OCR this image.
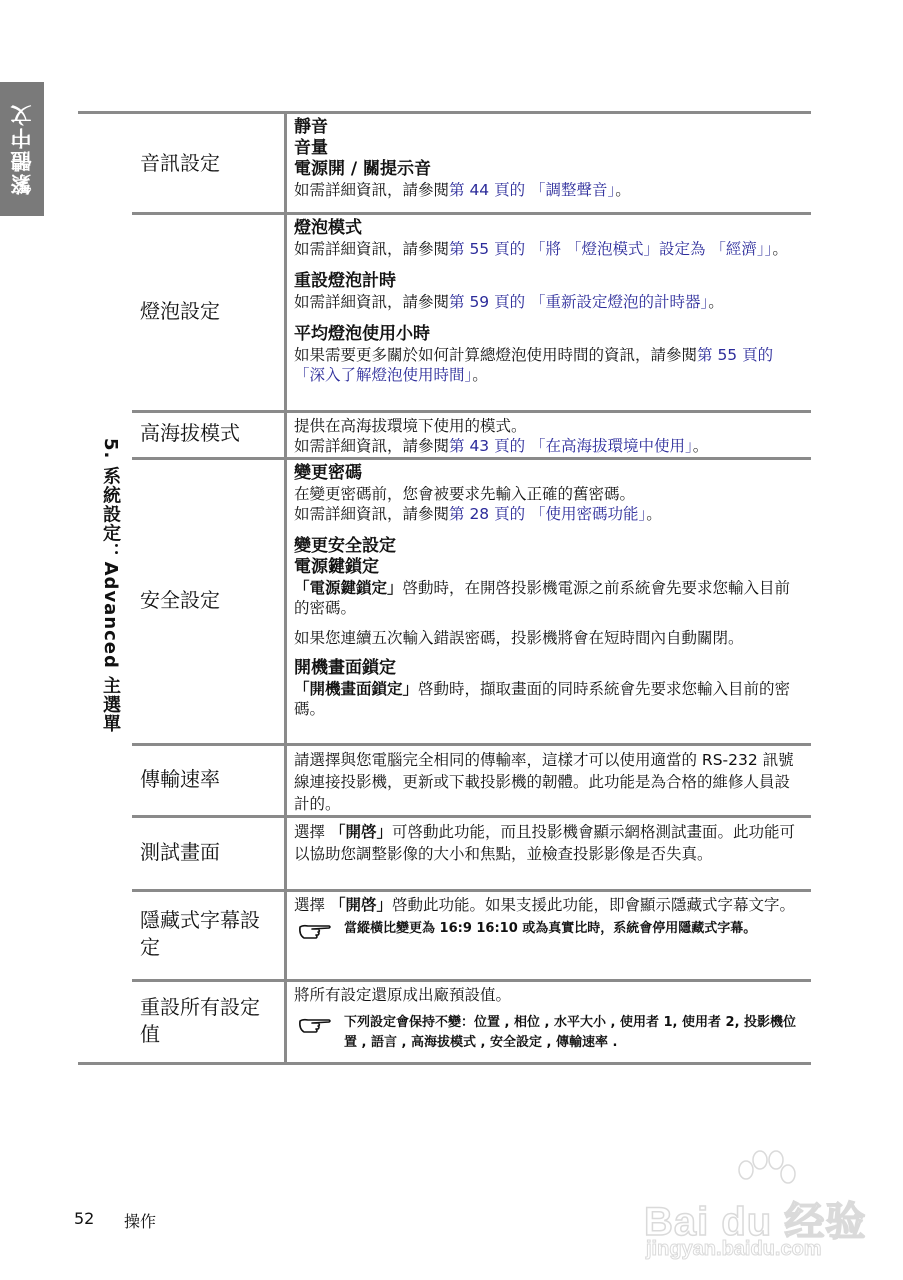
繁體中文
5. 系統設定：Advanced 主選單
音訊設定
靜音
音量
電源開 / 關提示音
如需詳細資訊，請參閱第 44 頁的 「調整聲音」。
燈泡設定
燈泡模式
如需詳細資訊，請參閱第 55 頁的 「將 「燈泡模式」設定為 「經濟」」。
重設燈泡計時
如需詳細資訊，請參閱第 59 頁的 「重新設定燈泡的計時器」。
平均燈泡使用小時
如果需要更多關於如何計算總燈泡使用時間的資訊，請參閱第 55 頁的 「深入了解燈泡使用時間」。
高海拔模式	提供在高海拔環境下使用的模式。
如需詳細資訊，請參閱第 43 頁的 「在高海拔環境中使用」。
安全設定
變更密碼
在變更密碼前，您會被要求先輸入正確的舊密碼。
如需詳細資訊，請參閱第 28 頁的 「使用密碼功能」。
變更安全設定
電源鍵鎖定
「電源鍵鎖定」啓動時，在開啓投影機電源之前系統會先要求您輸入目前的密碼。
如果您連續五次輸入錯誤密碼，投影機將會在短時間內自動關閉。
開機畫面鎖定
「開機畫面鎖定」啓動時，擷取畫面的同時系統會先要求您輸入目前的密碼。
傳輸速率
請選擇與您電腦完全相同的傳輸率，這樣才可以使用適當的 RS-232 訊號線連接投影機，更新或下載投影機的韌體。此功能是為合格的維修人員設計的。
測試畫面
選擇 「開啓」可啓動此功能，而且投影機會顯示網格測試畫面。此功能可以協助您調整影像的大小和焦點，並檢查投影影像是否失真。
隱藏式字幕設定
選擇 「開啓」啓動此功能。如果支援此功能，即會顯示隱藏式字幕文字。
當縱橫比變更為 16:9 16:10 或為真實比時，系統會停用隱藏式字幕。
重設所有設定值
將所有設定還原成出廠預設值。
下列設定會保持不變：位置 , 相位 , 水平大小 , 使用者 1, 使用者 2, 投影機位置 , 語言 , 高海拔模式 , 安全設定 , 傳輸速率 .
52 操作	Bai du 经验
jingyan.baidu.com
